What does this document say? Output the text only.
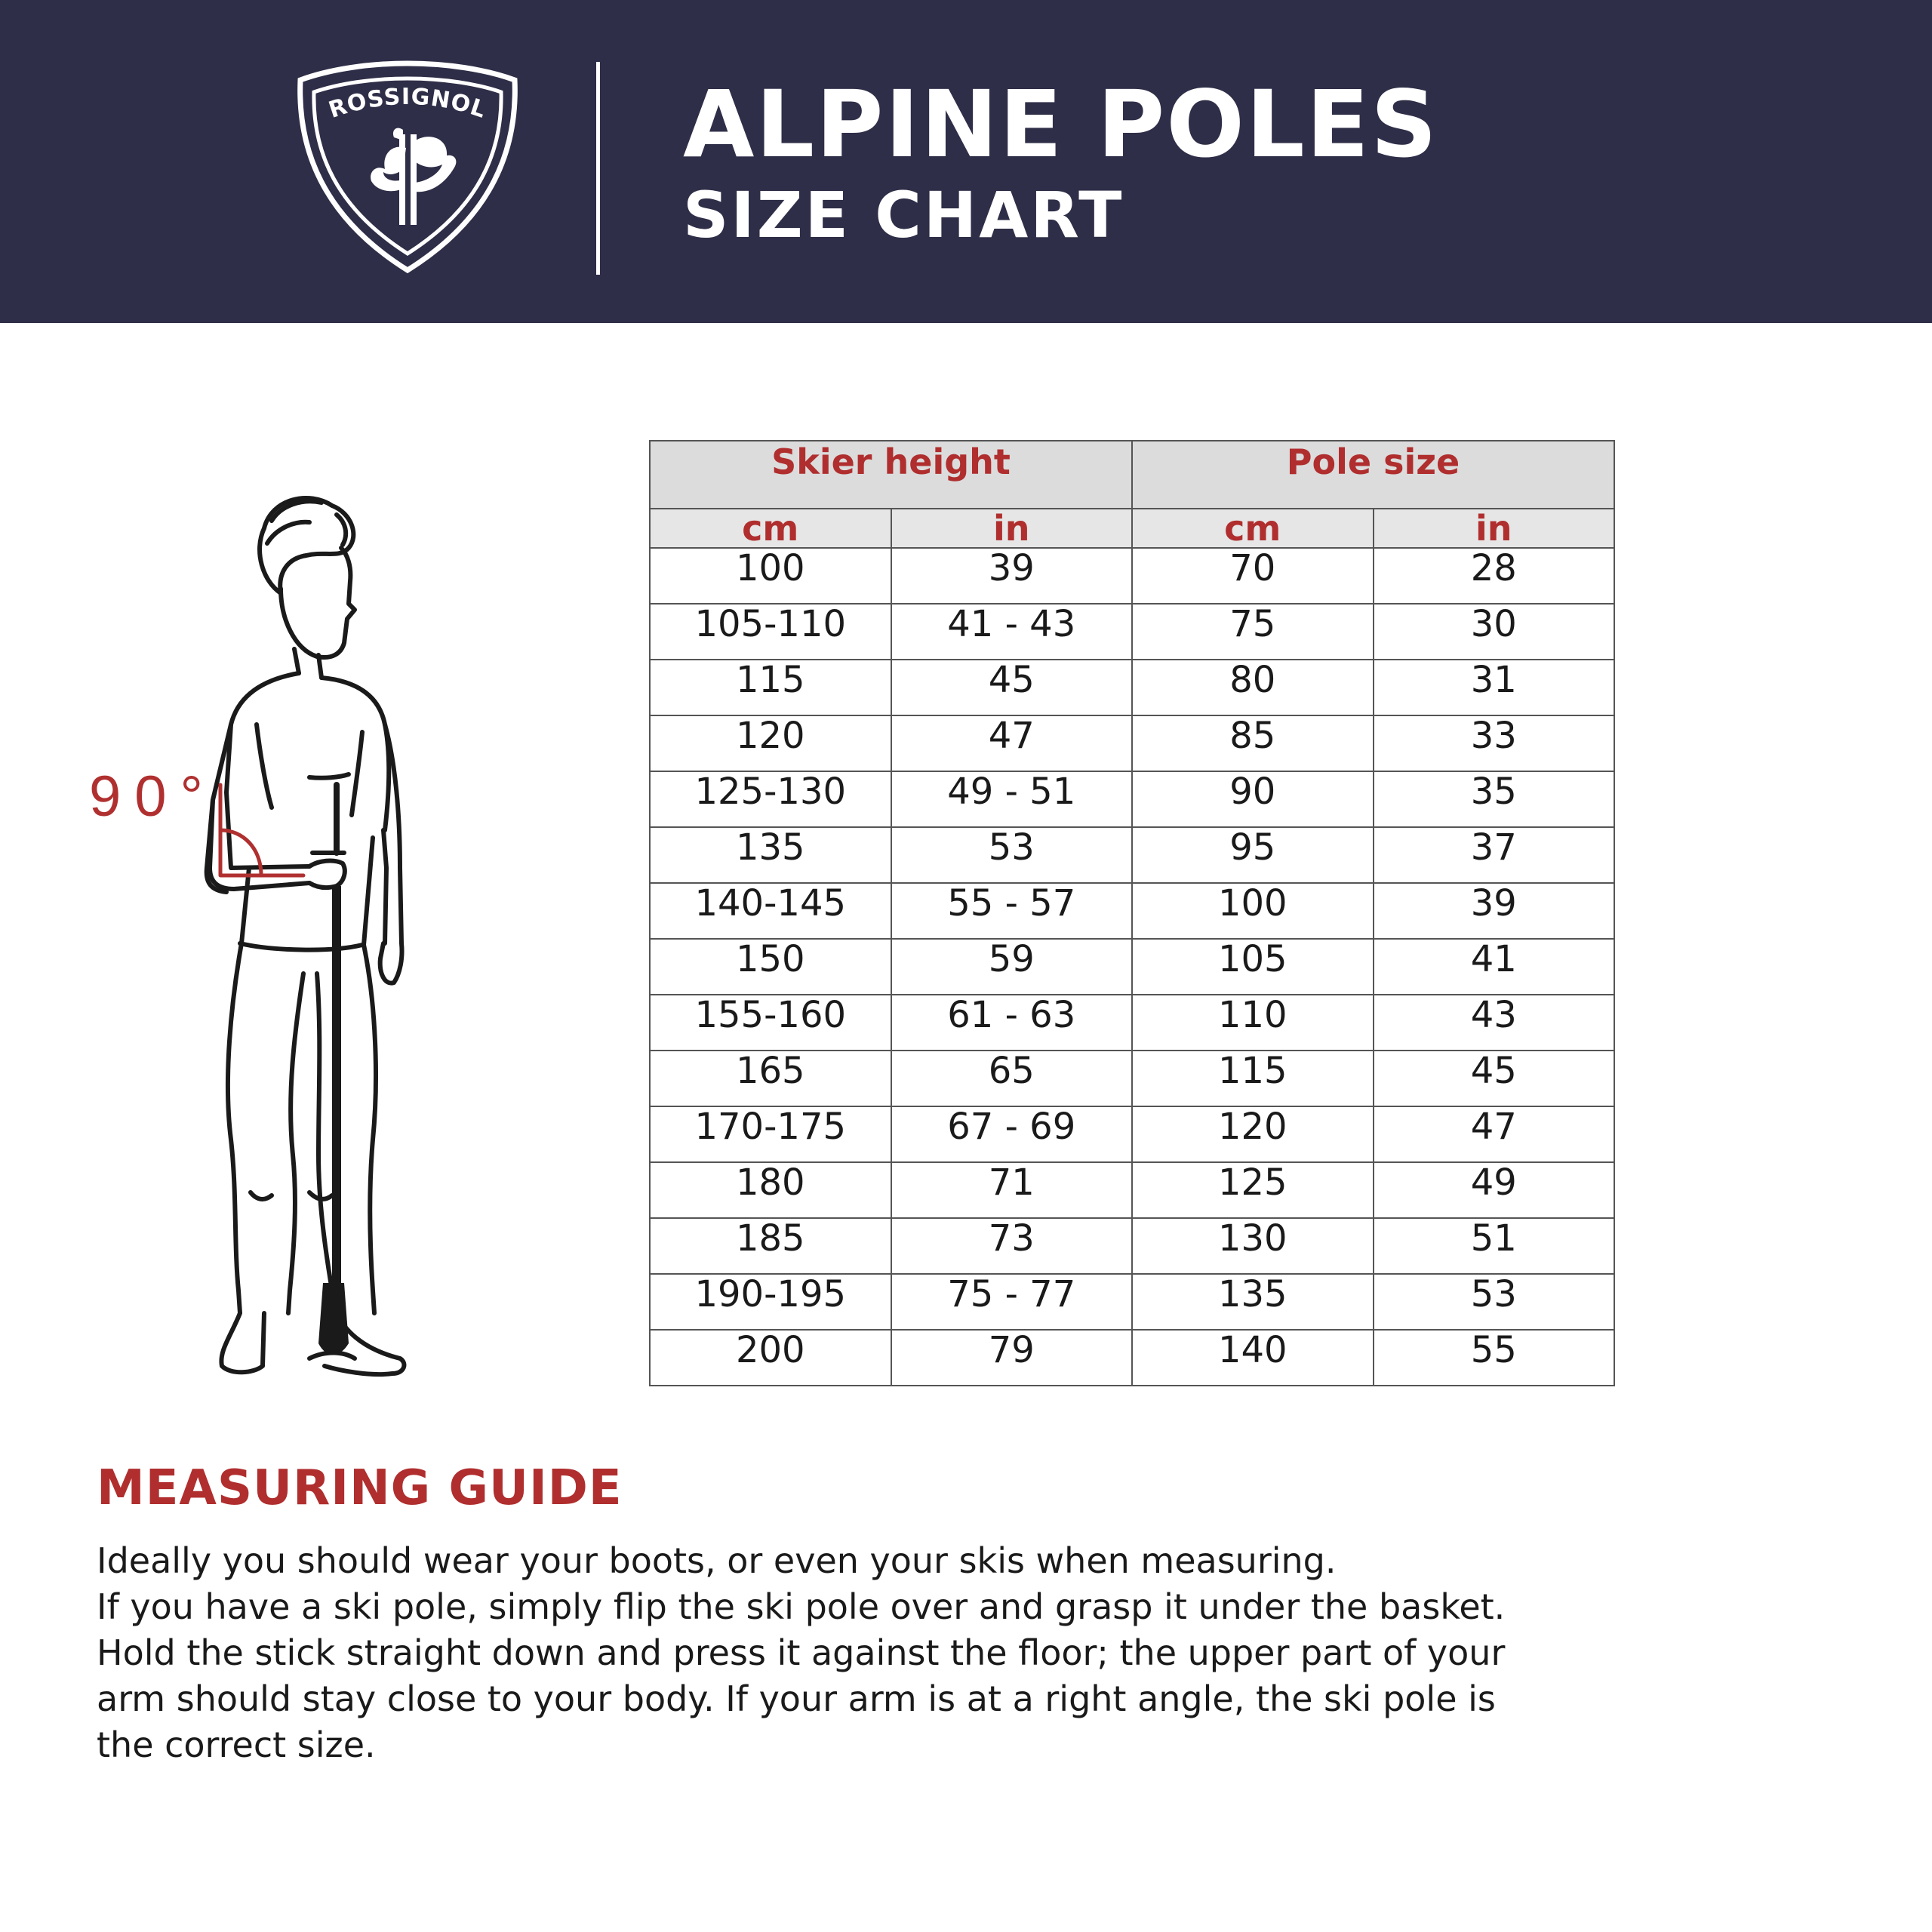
ROSSIGNOL ALPINE POLES
SIZE CHART
90°
Skier height		Pole size	
cm	in	cm	in
100	39	70	28
105-110	41 - 43	75	30
115	45	80	31
120	47	85	33
125-130	49 - 51	90	35
135	53	95	37
140-145	55 - 57	100	39
150	59	105	41
155-160	61 - 63	110	43
165	65	115	45
170-175	67 - 69	120	47
180	71	125	49
185	73	130	51
190-195	75 - 77	135	53
200	79	140	55
MEASURING GUIDE
Ideally you should wear your boots, or even your skis when measuring.
If you have a ski pole, simply flip the ski pole over and grasp it under the basket.
Hold the stick straight down and press it against the floor; the upper part of your
arm should stay close to your body. If your arm is at a right angle, the ski pole is
the correct size.
